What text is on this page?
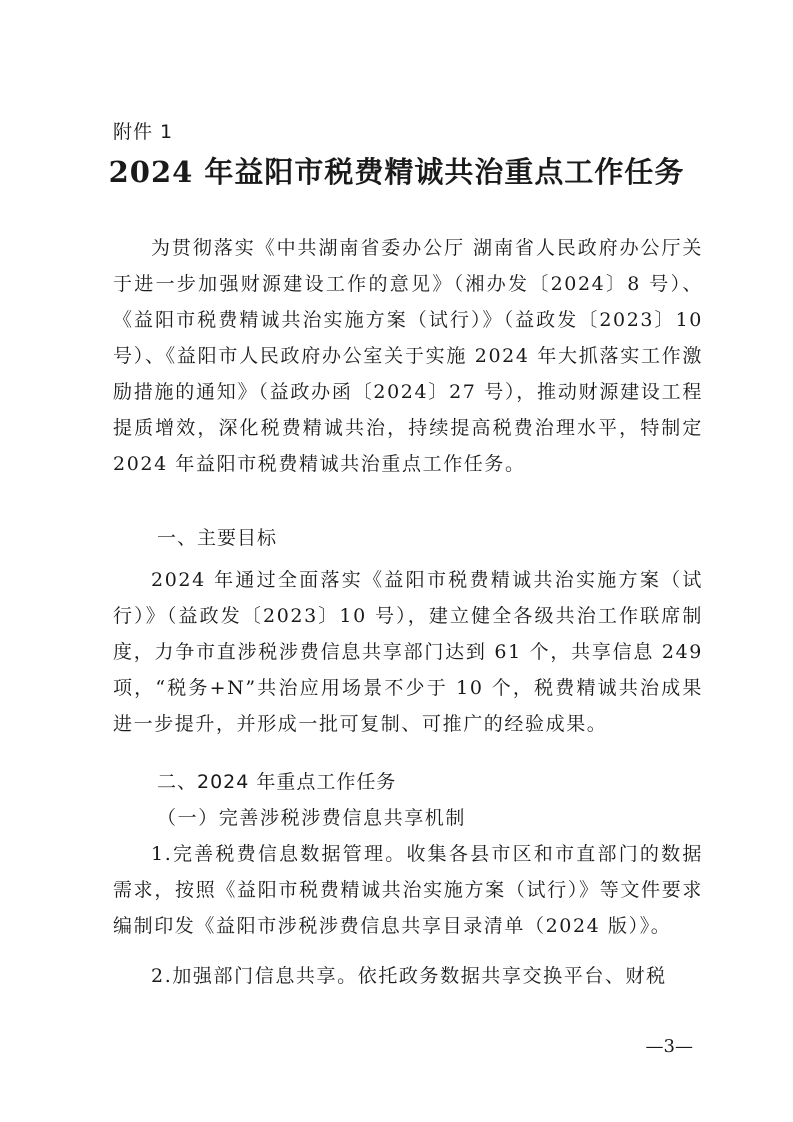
附件 1
2024 年益阳市税费精诚共治重点工作任务

为贯彻落实《中共湖南省委办公厅 湖南省人民政府办公厅关于进一步加强财源建设工作的意见》（湘办发〔2024〕8 号）、《益阳市税费精诚共治实施方案（试行）》（益政发〔2023〕10 号）、《益阳市人民政府办公室关于实施 2024 年大抓落实工作激励措施的通知》（益政办函〔2024〕27 号），推动财源建设工程提质增效，深化税费精诚共治，持续提高税费治理水平，特制定 2024 年益阳市税费精诚共治重点工作任务。

一、主要目标

2024 年通过全面落实《益阳市税费精诚共治实施方案（试行）》（益政发〔2023〕10 号），建立健全各级共治工作联席制度，力争市直涉税涉费信息共享部门达到 61 个，共享信息 249 项，“税务+N”共治应用场景不少于 10 个，税费精诚共治成果进一步提升，并形成一批可复制、可推广的经验成果。

二、2024 年重点工作任务

（一）完善涉税涉费信息共享机制

1.完善税费信息数据管理。收集各县市区和市直部门的数据需求，按照《益阳市税费精诚共治实施方案（试行）》等文件要求编制印发《益阳市涉税涉费信息共享目录清单（2024 版）》。

2.加强部门信息共享。依托政务数据共享交换平台、财税

—3—
